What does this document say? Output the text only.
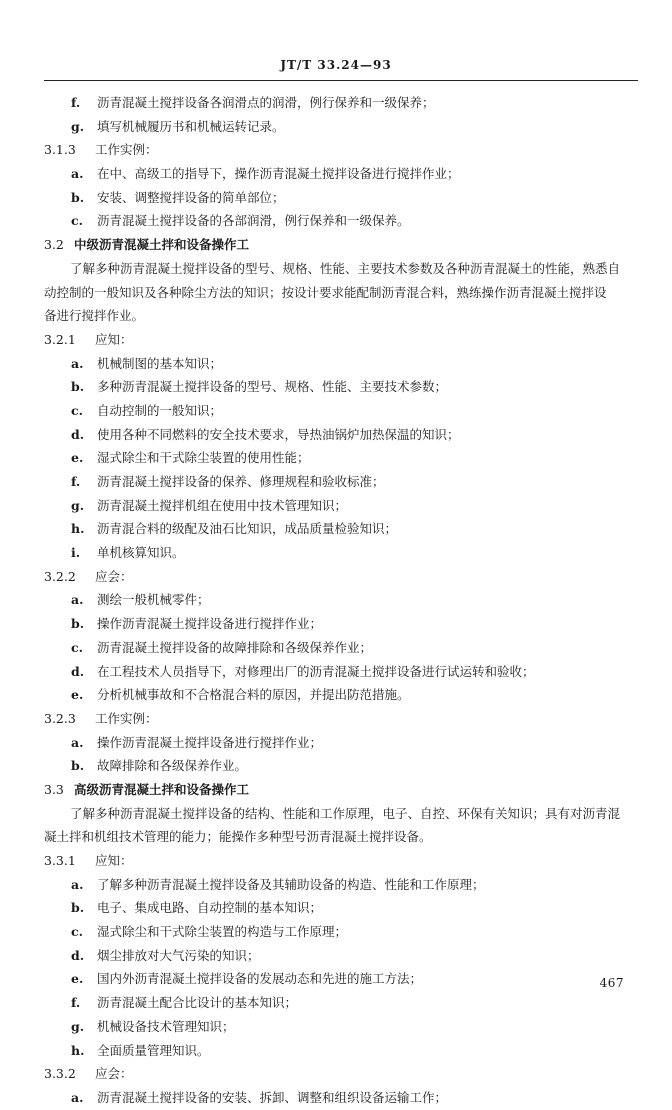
JT/T 33.24—93
f. 沥青混凝土搅拌设备各润滑点的润滑，例行保养和一级保养；
g. 填写机械履历书和机械运转记录。
3.1.3 工作实例：
a. 在中、高级工的指导下，操作沥青混凝土搅拌设备进行搅拌作业；
b. 安装、调整搅拌设备的简单部位；
c. 沥青混凝土搅拌设备的各部润滑，例行保养和一级保养。
3.2 中级沥青混凝土拌和设备操作工
了解多种沥青混凝土搅拌设备的型号、规格、性能、主要技术参数及各种沥青混凝土的性能，熟悉自
动控制的一般知识及各种除尘方法的知识；按设计要求能配制沥青混合料，熟练操作沥青混凝土搅拌设
备进行搅拌作业。
3.2.1 应知：
a. 机械制图的基本知识；
b. 多种沥青混凝土搅拌设备的型号、规格、性能、主要技术参数；
c. 自动控制的一般知识；
d. 使用各种不同燃料的安全技术要求，导热油锅炉加热保温的知识；
e. 湿式除尘和干式除尘装置的使用性能；
f. 沥青混凝土搅拌设备的保养、修理规程和验收标准；
g. 沥青混凝土搅拌机组在使用中技术管理知识；
h. 沥青混合料的级配及油石比知识，成品质量检验知识；
i. 单机核算知识。
3.2.2 应会：
a. 测绘一般机械零件；
b. 操作沥青混凝土搅拌设备进行搅拌作业；
c. 沥青混凝土搅拌设备的故障排除和各级保养作业；
d. 在工程技术人员指导下，对修理出厂的沥青混凝土搅拌设备进行试运转和验收；
e. 分析机械事故和不合格混合料的原因，并提出防范措施。
3.2.3 工作实例：
a. 操作沥青混凝土搅拌设备进行搅拌作业；
b. 故障排除和各级保养作业。
3.3 高级沥青混凝土拌和设备操作工
了解多种沥青混凝土搅拌设备的结构、性能和工作原理，电子、自控、环保有关知识；具有对沥青混
凝土拌和机组技术管理的能力；能操作多种型号沥青混凝土搅拌设备。
3.3.1 应知：
a. 了解多种沥青混凝土搅拌设备及其辅助设备的构造、性能和工作原理；
b. 电子、集成电路、自动控制的基本知识；
c. 湿式除尘和干式除尘装置的构造与工作原理；
d. 烟尘排放对大气污染的知识；
e. 国内外沥青混凝土搅拌设备的发展动态和先进的施工方法；
f. 沥青混凝土配合比设计的基本知识；
g. 机械设备技术管理知识；
h. 全面质量管理知识。
3.3.2 应会：
a. 沥青混凝土搅拌设备的安装、拆卸、调整和组织设备运输工作；
467
